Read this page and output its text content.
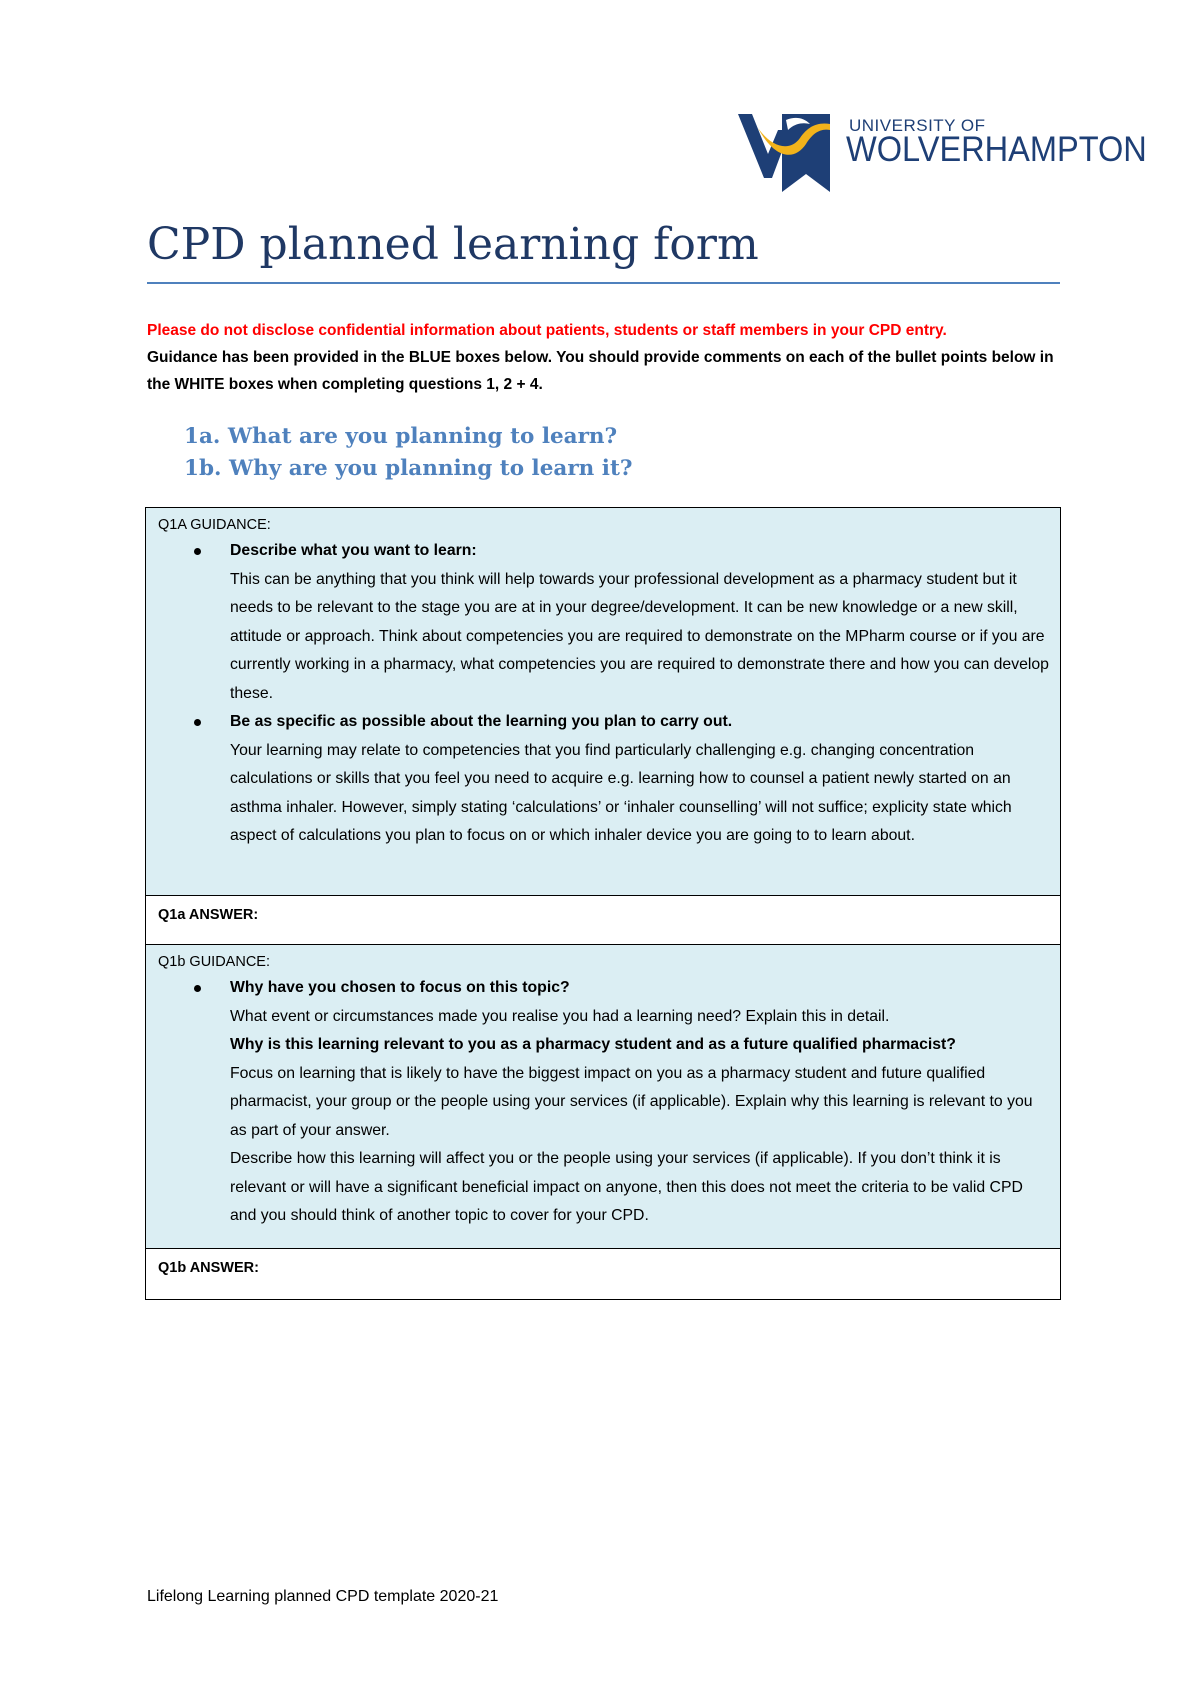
UNIVERSITY OF
WOLVERHAMPTON
CPD planned learning form
Please do not disclose confidential information about patients, students or staff members in your CPD entry.
Guidance has been provided in the BLUE boxes below. You should provide comments on each of the bullet points below in the WHITE boxes when completing questions 1, 2 + 4.
1a. What are you planning to learn?
1b. Why are you planning to learn it?
Q1A GUIDANCE:
Describe what you want to learn:
This can be anything that you think will help towards your professional development as a pharmacy student but it needs to be relevant to the stage you are at in your degree/development. It can be new knowledge or a new skill, attitude or approach. Think about competencies you are required to demonstrate on the MPharm course or if you are currently working in a pharmacy, what competencies you are required to demonstrate there and how you can develop these.
Be as specific as possible about the learning you plan to carry out.
Your learning may relate to competencies that you find particularly challenging e.g. changing concentration calculations or skills that you feel you need to acquire e.g. learning how to counsel a patient newly started on an asthma inhaler. However, simply stating ‘calculations’ or ‘inhaler counselling’ will not suffice; explicity state which aspect of calculations you plan to focus on or which inhaler device you are going to to learn about.
Q1a ANSWER:
Q1b GUIDANCE:
Why have you chosen to focus on this topic?
What event or circumstances made you realise you had a learning need? Explain this in detail.
Why is this learning relevant to you as a pharmacy student and as a future qualified pharmacist?
Focus on learning that is likely to have the biggest impact on you as a pharmacy student and future qualified pharmacist, your group or the people using your services (if applicable). Explain why this learning is relevant to you as part of your answer.
Describe how this learning will affect you or the people using your services (if applicable). If you don’t think it is relevant or will have a significant beneficial impact on anyone, then this does not meet the criteria to be valid CPD and you should think of another topic to cover for your CPD.
Q1b ANSWER:
Lifelong Learning planned CPD template 2020-21
